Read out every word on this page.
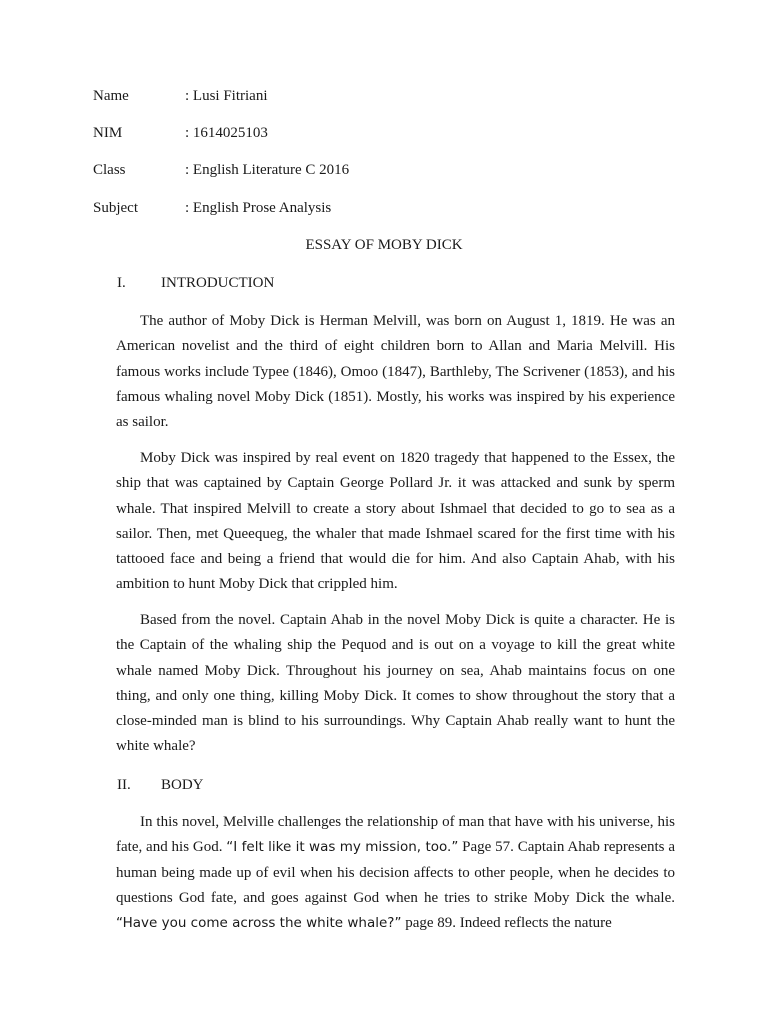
Name	: Lusi Fitriani
NIM	: 1614025103
Class	: English Literature C 2016
Subject	: English Prose Analysis
ESSAY OF MOBY DICK
I. INTRODUCTION

The author of Moby Dick is Herman Melvill, was born on August 1, 1819. He was an American novelist and the third of eight children born to Allan and Maria Melvill. His famous works include Typee (1846), Omoo (1847), Barthleby, The Scrivener (1853), and his famous whaling novel Moby Dick (1851). Mostly, his works was inspired by his experience as sailor.

Moby Dick was inspired by real event on 1820 tragedy that happened to the Essex, the ship that was captained by Captain George Pollard Jr. it was attacked and sunk by sperm whale. That inspired Melvill to create a story about Ishmael that decided to go to sea as a sailor. Then, met Queequeg, the whaler that made Ishmael scared for the first time with his tattooed face and being a friend that would die for him. And also Captain Ahab, with his ambition to hunt Moby Dick that crippled him.

Based from the novel. Captain Ahab in the novel Moby Dick is quite a character. He is the Captain of the whaling ship the Pequod and is out on a voyage to kill the great white whale named Moby Dick. Throughout his journey on sea, Ahab maintains focus on one thing, and only one thing, killing Moby Dick. It comes to show throughout the story that a close-minded man is blind to his surroundings. Why Captain Ahab really want to hunt the white whale?

II. BODY

In this novel, Melville challenges the relationship of man that have with his universe, his fate, and his God. “I felt like it was my mission, too.” Page 57. Captain Ahab represents a human being made up of evil when his decision affects to other people, when he decides to questions God fate, and goes against God when he tries to strike Moby Dick the whale. “Have you come across the white whale?” page 89. Indeed reflects the nature
